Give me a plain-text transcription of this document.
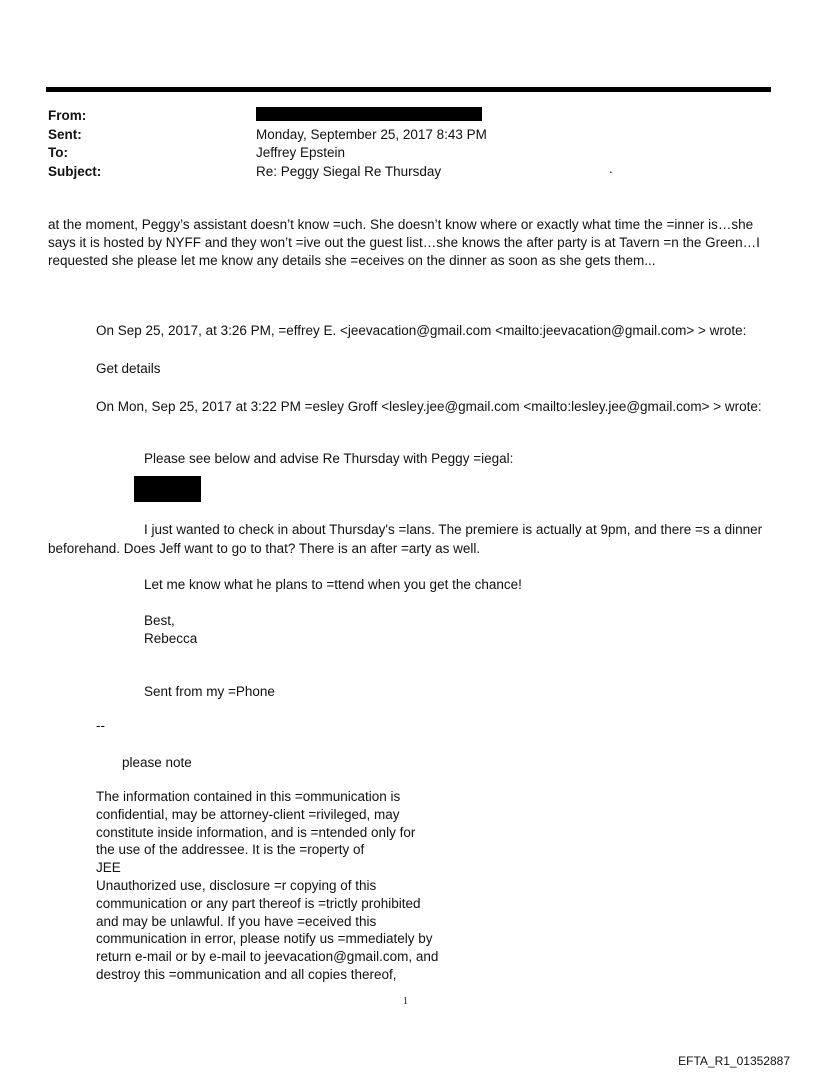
From:
Sent:	Monday, September 25, 2017 8:43 PM
To:	Jeffrey Epstein
Subject:	Re: Peggy Siegal Re Thursday	.
at the moment, Peggy’s assistant doesn’t know =uch. She doesn’t know where or exactly what time the =inner is…she
says it is hosted by NYFF and they won’t =ive out the guest list…she knows the after party is at Tavern =n the Green…I
requested she please let me know any details she =eceives on the dinner as soon as she gets them...
On Sep 25, 2017, at 3:26 PM, =effrey E. <jeevacation@gmail.com <mailto:jeevacation@gmail.com> > wrote:
Get details
On Mon, Sep 25, 2017 at 3:22 PM =esley Groff <lesley.jee@gmail.com <mailto:lesley.jee@gmail.com> > wrote:
Please see below and advise Re Thursday with Peggy =iegal:
I just wanted to check in about Thursday's =lans. The premiere is actually at 9pm, and there =s a dinner
beforehand. Does Jeff want to go to that? There is an after =arty as well.
Let me know what he plans to =ttend when you get the chance!
Best,
Rebecca
Sent from my =Phone
--
please note
The information contained in this =ommunication is
confidential, may be attorney-client =rivileged, may
constitute inside information, and is =ntended only for
the use of the addressee. It is the =roperty of
JEE
Unauthorized use, disclosure =r copying of this
communication or any part thereof is =trictly prohibited
and may be unlawful. If you have =eceived this
communication in error, please notify us =mmediately by
return e-mail or by e-mail to jeevacation@gmail.com, and
destroy this =ommunication and all copies thereof,
1
EFTA_R1_01352887
